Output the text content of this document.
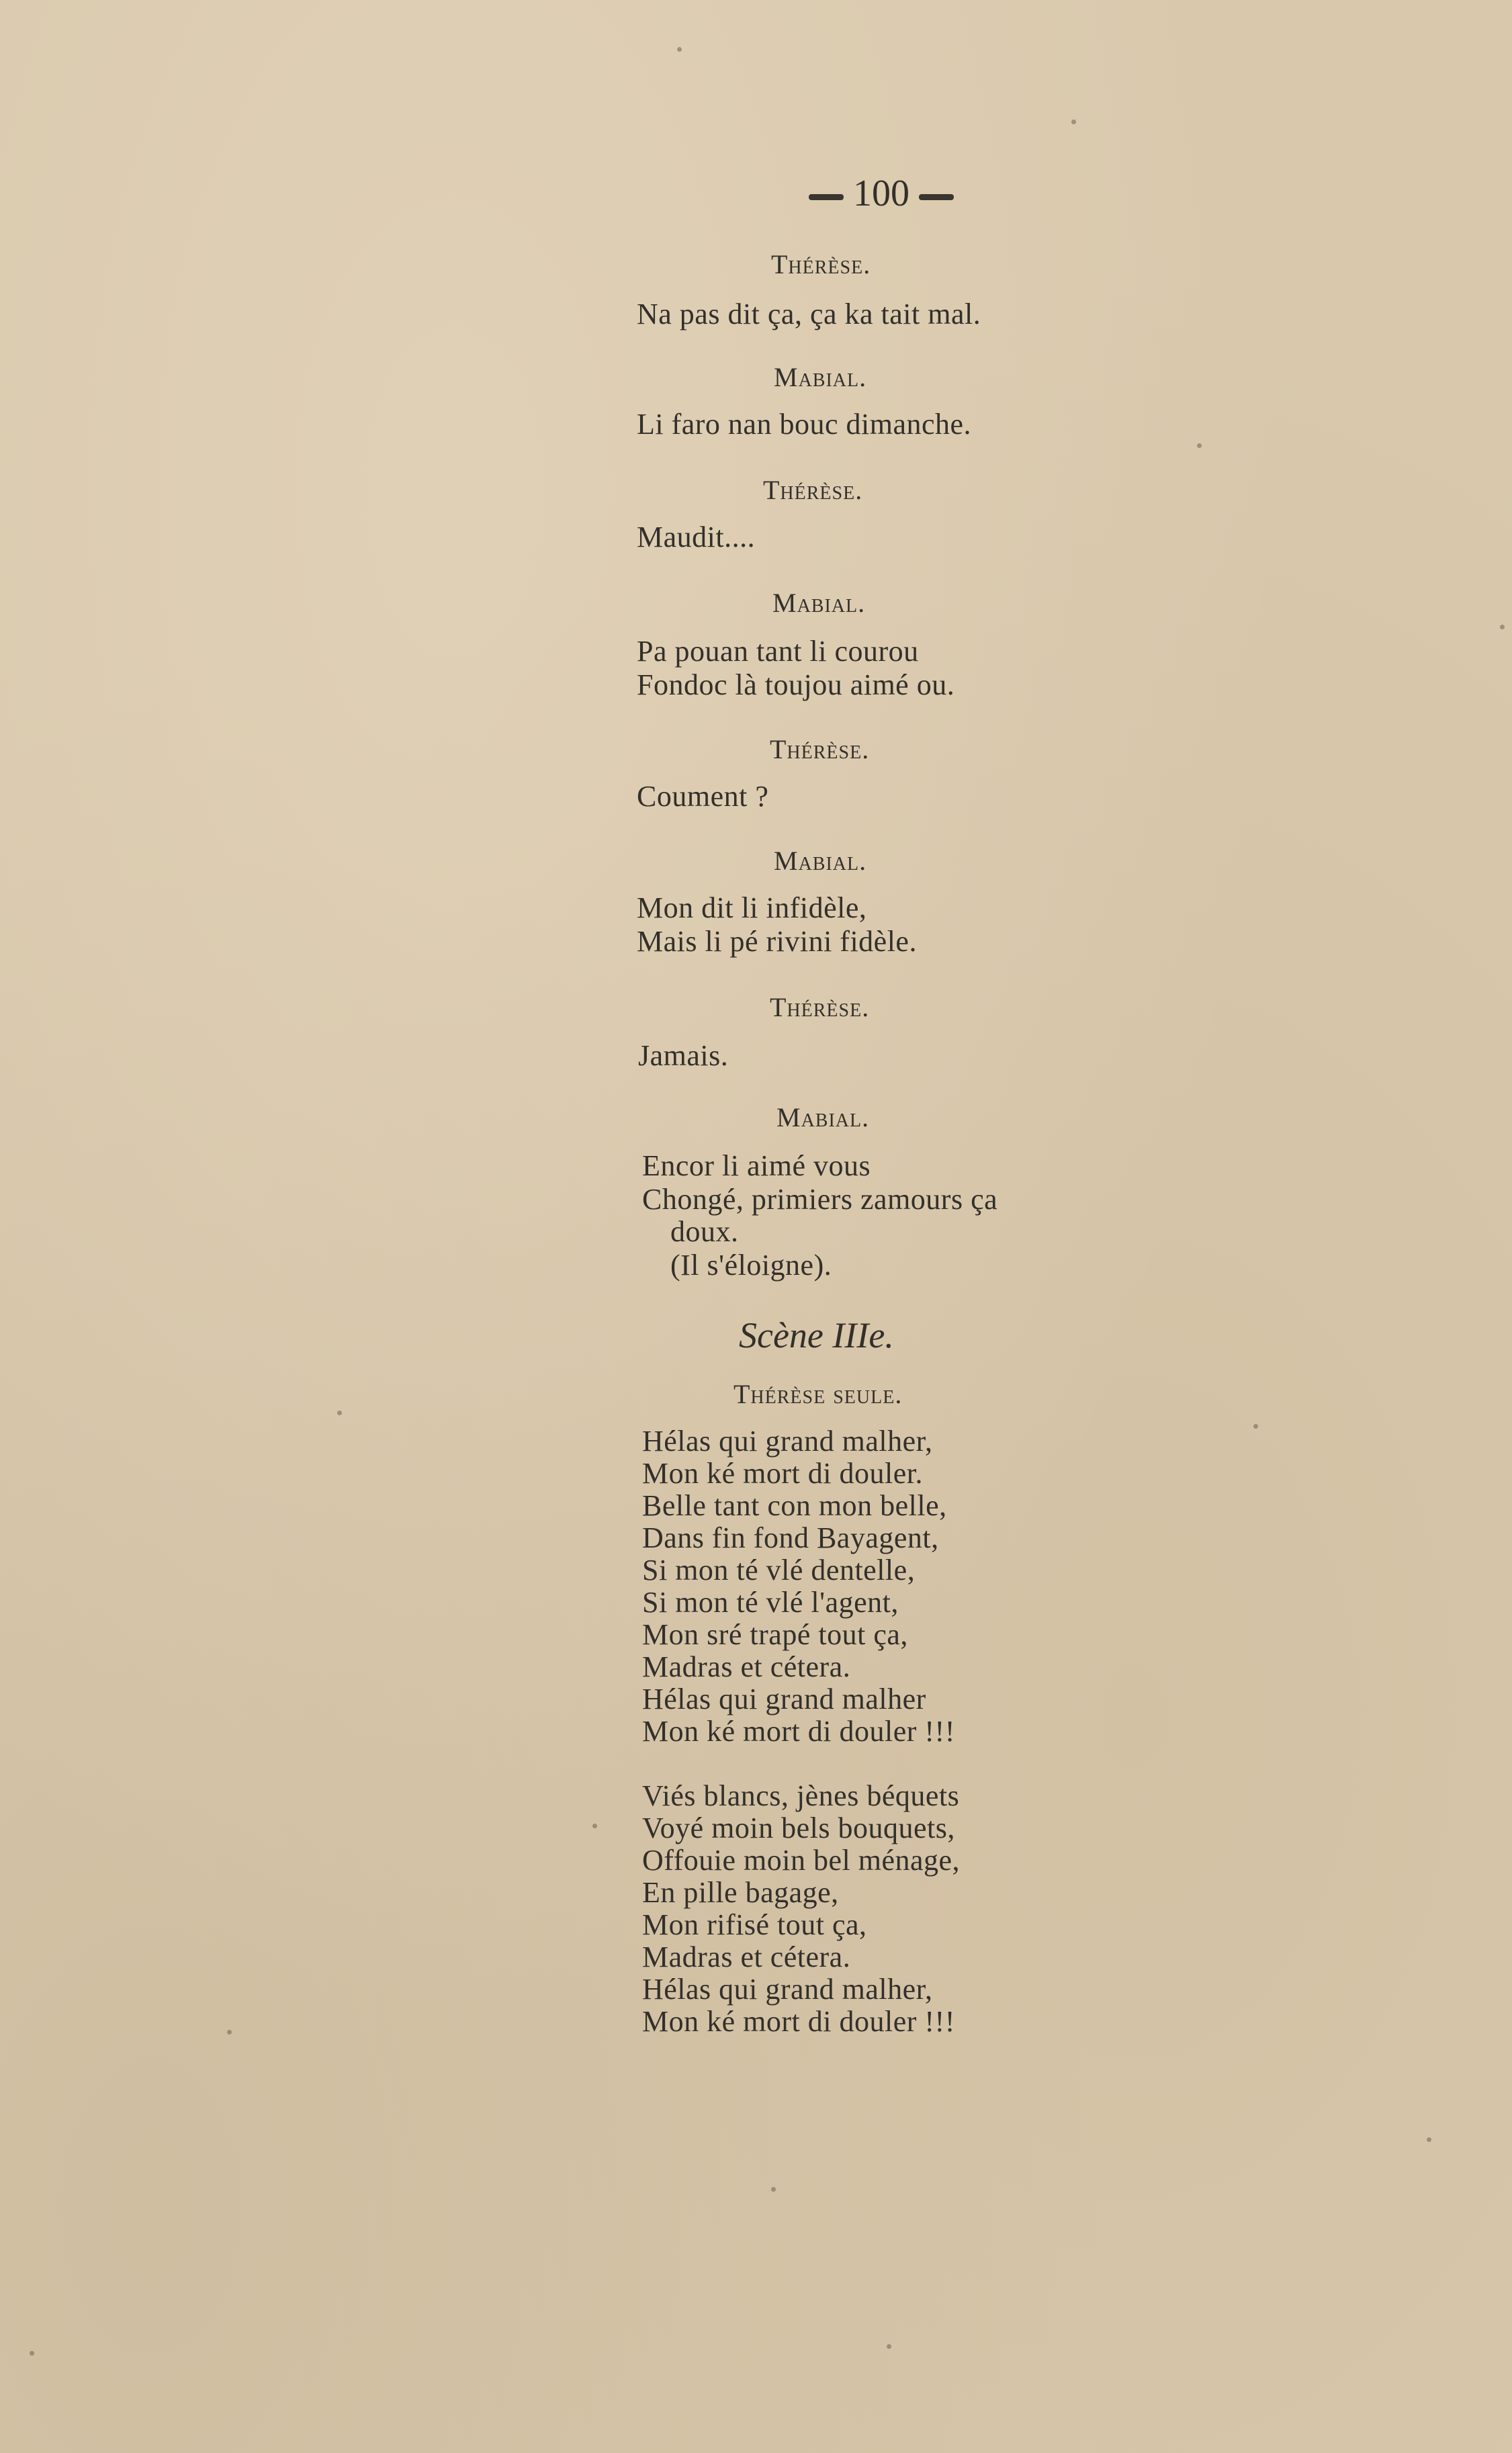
100
Thérèse.
Na pas dit ça, ça ka tait mal.
Mabial.
Li faro nan bouc dimanche.
Thérèse.
Maudit....
Mabial.
Pa pouan tant li courou
Fondoc là toujou aimé ou.
Thérèse.
Coument ?
Mabial.
Mon dit li infidèle,
Mais li pé rivini fidèle.
Thérèse.
Jamais.
Mabial.
Encor li aimé vous
Chongé, primiers zamours ça
doux.
(Il s'éloigne).
Scène IIIe.
Thérèse seule.
Hélas qui grand malher,
Mon ké mort di douler.
Belle tant con mon belle,
Dans fin fond Bayagent,
Si mon té vlé dentelle,
Si mon té vlé l'agent,
Mon sré trapé tout ça,
Madras et cétera.
Hélas qui grand malher
Mon ké mort di douler !!!
Viés blancs, jènes béquets
Voyé moin bels bouquets,
Offouie moin bel ménage,
En pille bagage,
Mon rifisé tout ça,
Madras et cétera.
Hélas qui grand malher,
Mon ké mort di douler !!!
